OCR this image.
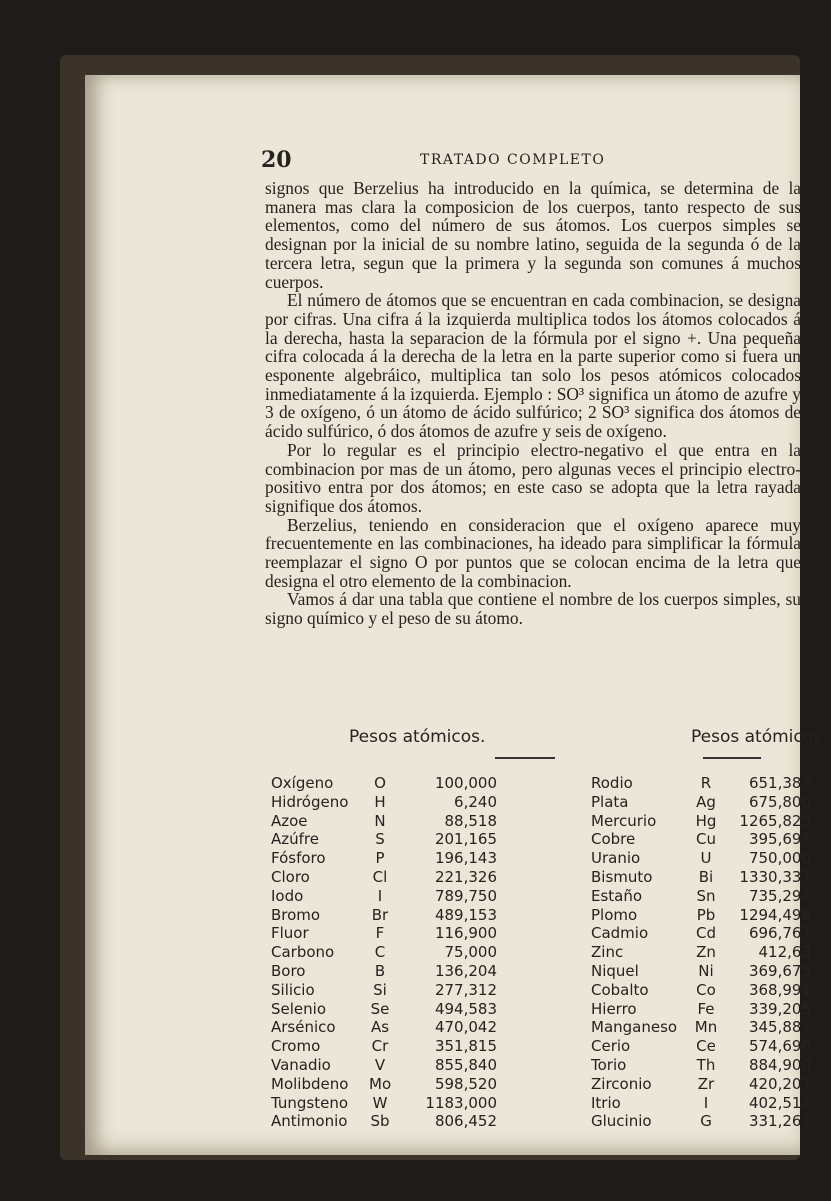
20	TRATADO COMPLETO

signos que Berzelius ha introducido en la química, se determina de la manera mas clara la composicion de los cuerpos, tanto respecto de sus elementos, como del número de sus átomos. Los cuerpos simples se designan por la inicial de su nombre latino, seguida de la segunda ó de la tercera letra, segun que la primera y la segunda son comunes á muchos cuerpos.

El número de átomos que se encuentran en cada combinacion, se designa por cifras. Una cifra á la izquierda multiplica todos los átomos colocados á la derecha, hasta la separacion de la fórmula por el signo +. Una pequeña cifra colocada á la derecha de la letra en la parte superior como si fuera un esponente algebráico, multiplica tan solo los pesos atómicos colocados inmediatamente á la izquierda. Ejemplo : SO³ significa un átomo de azufre y 3 de oxígeno, ó un átomo de ácido sulfúrico; 2 SO³ significa dos átomos de ácido sulfúrico, ó dos átomos de azufre y seis de oxígeno.

Por lo regular es el principio electro-negativo el que entra en la combinacion por mas de un átomo, pero algunas veces el principio electro-positivo entra por dos átomos; en este caso se adopta que la letra rayada signifique dos átomos.

Berzelius, teniendo en consideracion que el oxígeno aparece muy frecuentemente en las combinaciones, ha ideado para simplificar la fórmula reemplazar el signo O por puntos que se colocan encima de la letra que designa el otro elemento de la combinacion.

Vamos á dar una tabla que contiene el nombre de los cuerpos simples, su signo químico y el peso de su átomo.

Pesos atómicos.	Pesos atómicos.
Oxígeno	O	100,000	Rodio	R	651,387
Hidrógeno	H	6,240	Plata	Ag	675,800
Azoe	N	88,518	Mercurio	Hg	1265,825
Azúfre	S	201,165	Cobre	Cu	395,695
Fósforo	P	196,143	Uranio	U	750,000
Cloro	Cl	221,326	Bismuto	Bi	1330,337
Iodo	I	789,750	Estaño	Sn	735,294
Bromo	Br	489,153	Plomo	Pb	1294,498
Fluor	F	116,900	Cadmio	Cd	696,767
Carbono	C	75,000	Zinc	Zn	412,63
Boro	B	136,204	Niquel	Ni	369,675
Silicio	Si	277,312	Cobalto	Co	368,991
Selenio	Se	494,583	Hierro	Fe	339,205
Arsénico As	470,042	Manganeso Mn	345,887
Cromo	Cr	351,815	Cerio	Ce	574,696
Vanadio	V	855,840	Torio	Th	884,900
Molibdeno Mo	598,520	Zirconio	Zr	420,201
Tungsteno W	1183,000	Itrio	I	402,514
Antimonio Sb	806,452	Glucinio	G	331,261
